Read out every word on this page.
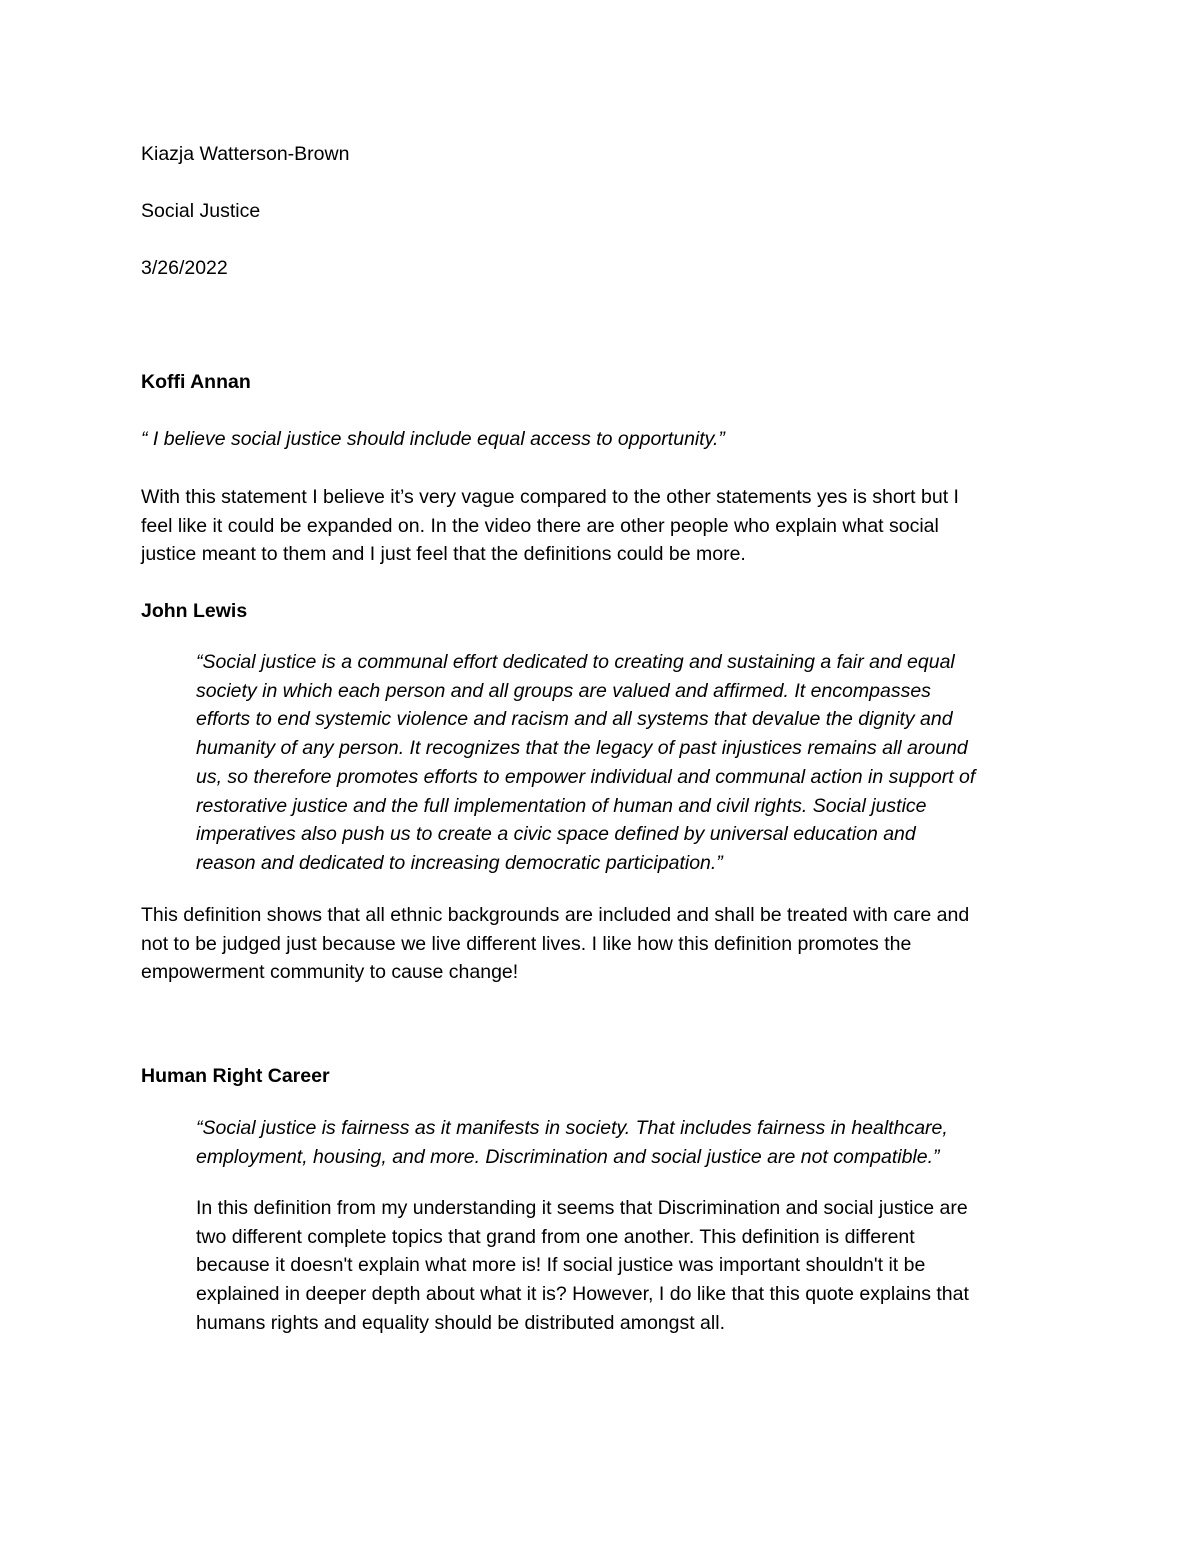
Kiazja Watterson-Brown

Social Justice

3/26/2022

Koffi Annan

“ I believe social justice should include equal access to opportunity.”

With this statement I believe it’s very vague compared to the other statements yes is short but I
feel like it could be expanded on. In the video there are other people who explain what social
justice meant to them and I just feel that the definitions could be more.

John Lewis

“Social justice is a communal effort dedicated to creating and sustaining a fair and equal
society in which each person and all groups are valued and affirmed. It encompasses
efforts to end systemic violence and racism and all systems that devalue the dignity and
humanity of any person. It recognizes that the legacy of past injustices remains all around
us, so therefore promotes efforts to empower individual and communal action in support of
restorative justice and the full implementation of human and civil rights. Social justice
imperatives also push us to create a civic space defined by universal education and
reason and dedicated to increasing democratic participation.”

This definition shows that all ethnic backgrounds are included and shall be treated with care and
not to be judged just because we live different lives. I like how this definition promotes the
empowerment community to cause change!

Human Right Career

“Social justice is fairness as it manifests in society. That includes fairness in healthcare,
employment, housing, and more. Discrimination and social justice are not compatible.”

In this definition from my understanding it seems that Discrimination and social justice are
two different complete topics that grand from one another. This definition is different
because it doesn't explain what more is! If social justice was important shouldn't it be
explained in deeper depth about what it is? However, I do like that this quote explains that
humans rights and equality should be distributed amongst all.
